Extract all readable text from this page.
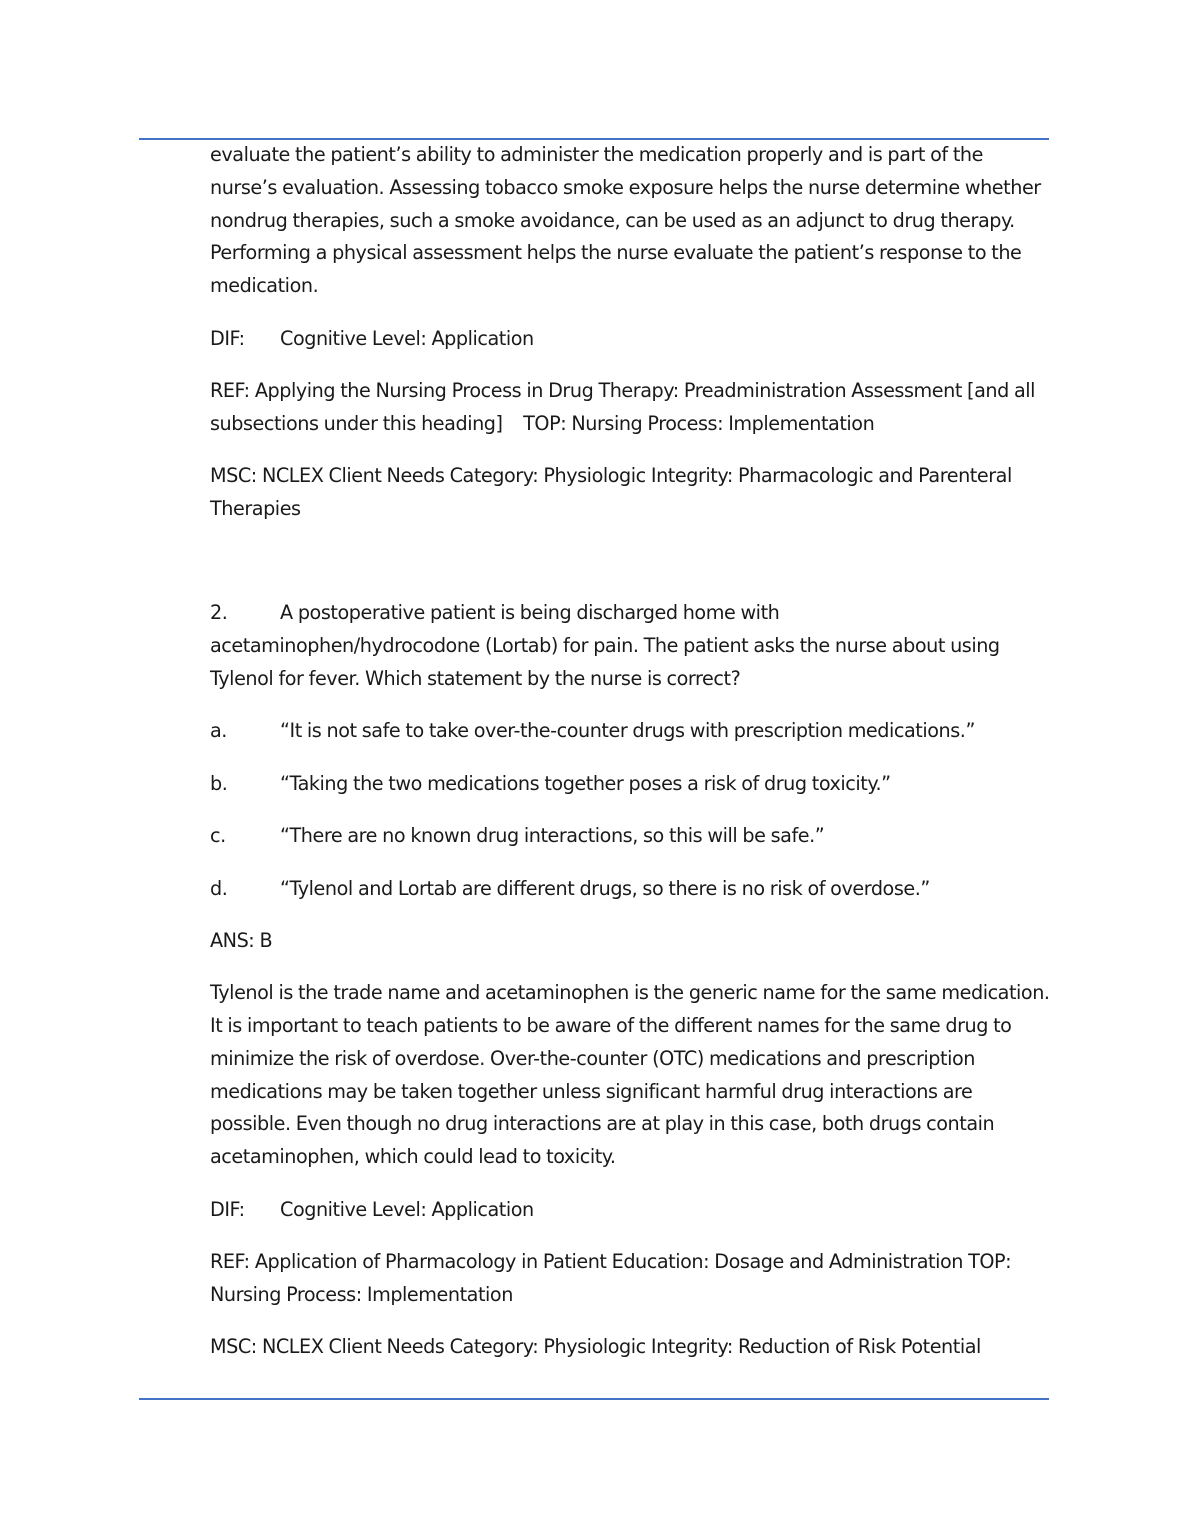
evaluate the patient’s ability to administer the medication properly and is part of the nurse’s evaluation. Assessing tobacco smoke exposure helps the nurse determine whether nondrug therapies, such a smoke avoidance, can be used as an adjunct to drug therapy. Performing a physical assessment helps the nurse evaluate the patient’s response to the medication.

DIF:	Cognitive Level: Application

REF: Applying the Nursing Process in Drug Therapy: Preadministration Assessment [and all subsections under this heading]    TOP: Nursing Process: Implementation

MSC: NCLEX Client Needs Category: Physiologic Integrity: Pharmacologic and Parenteral Therapies

2.	A postoperative patient is being discharged home with
acetaminophen/hydrocodone (Lortab) for pain. The patient asks the nurse about using Tylenol for fever. Which statement by the nurse is correct?

a.	“It is not safe to take over-the-counter drugs with prescription medications.”
b.	“Taking the two medications together poses a risk of drug toxicity.”
c.	“There are no known drug interactions, so this will be safe.”
d.	“Tylenol and Lortab are different drugs, so there is no risk of overdose.”

ANS: B

Tylenol is the trade name and acetaminophen is the generic name for the same medication. It is important to teach patients to be aware of the different names for the same drug to minimize the risk of overdose. Over-the-counter (OTC) medications and prescription medications may be taken together unless significant harmful drug interactions are possible. Even though no drug interactions are at play in this case, both drugs contain acetaminophen, which could lead to toxicity.

DIF:	Cognitive Level: Application

REF: Application of Pharmacology in Patient Education: Dosage and Administration TOP: Nursing Process: Implementation

MSC: NCLEX Client Needs Category: Physiologic Integrity: Reduction of Risk Potential
